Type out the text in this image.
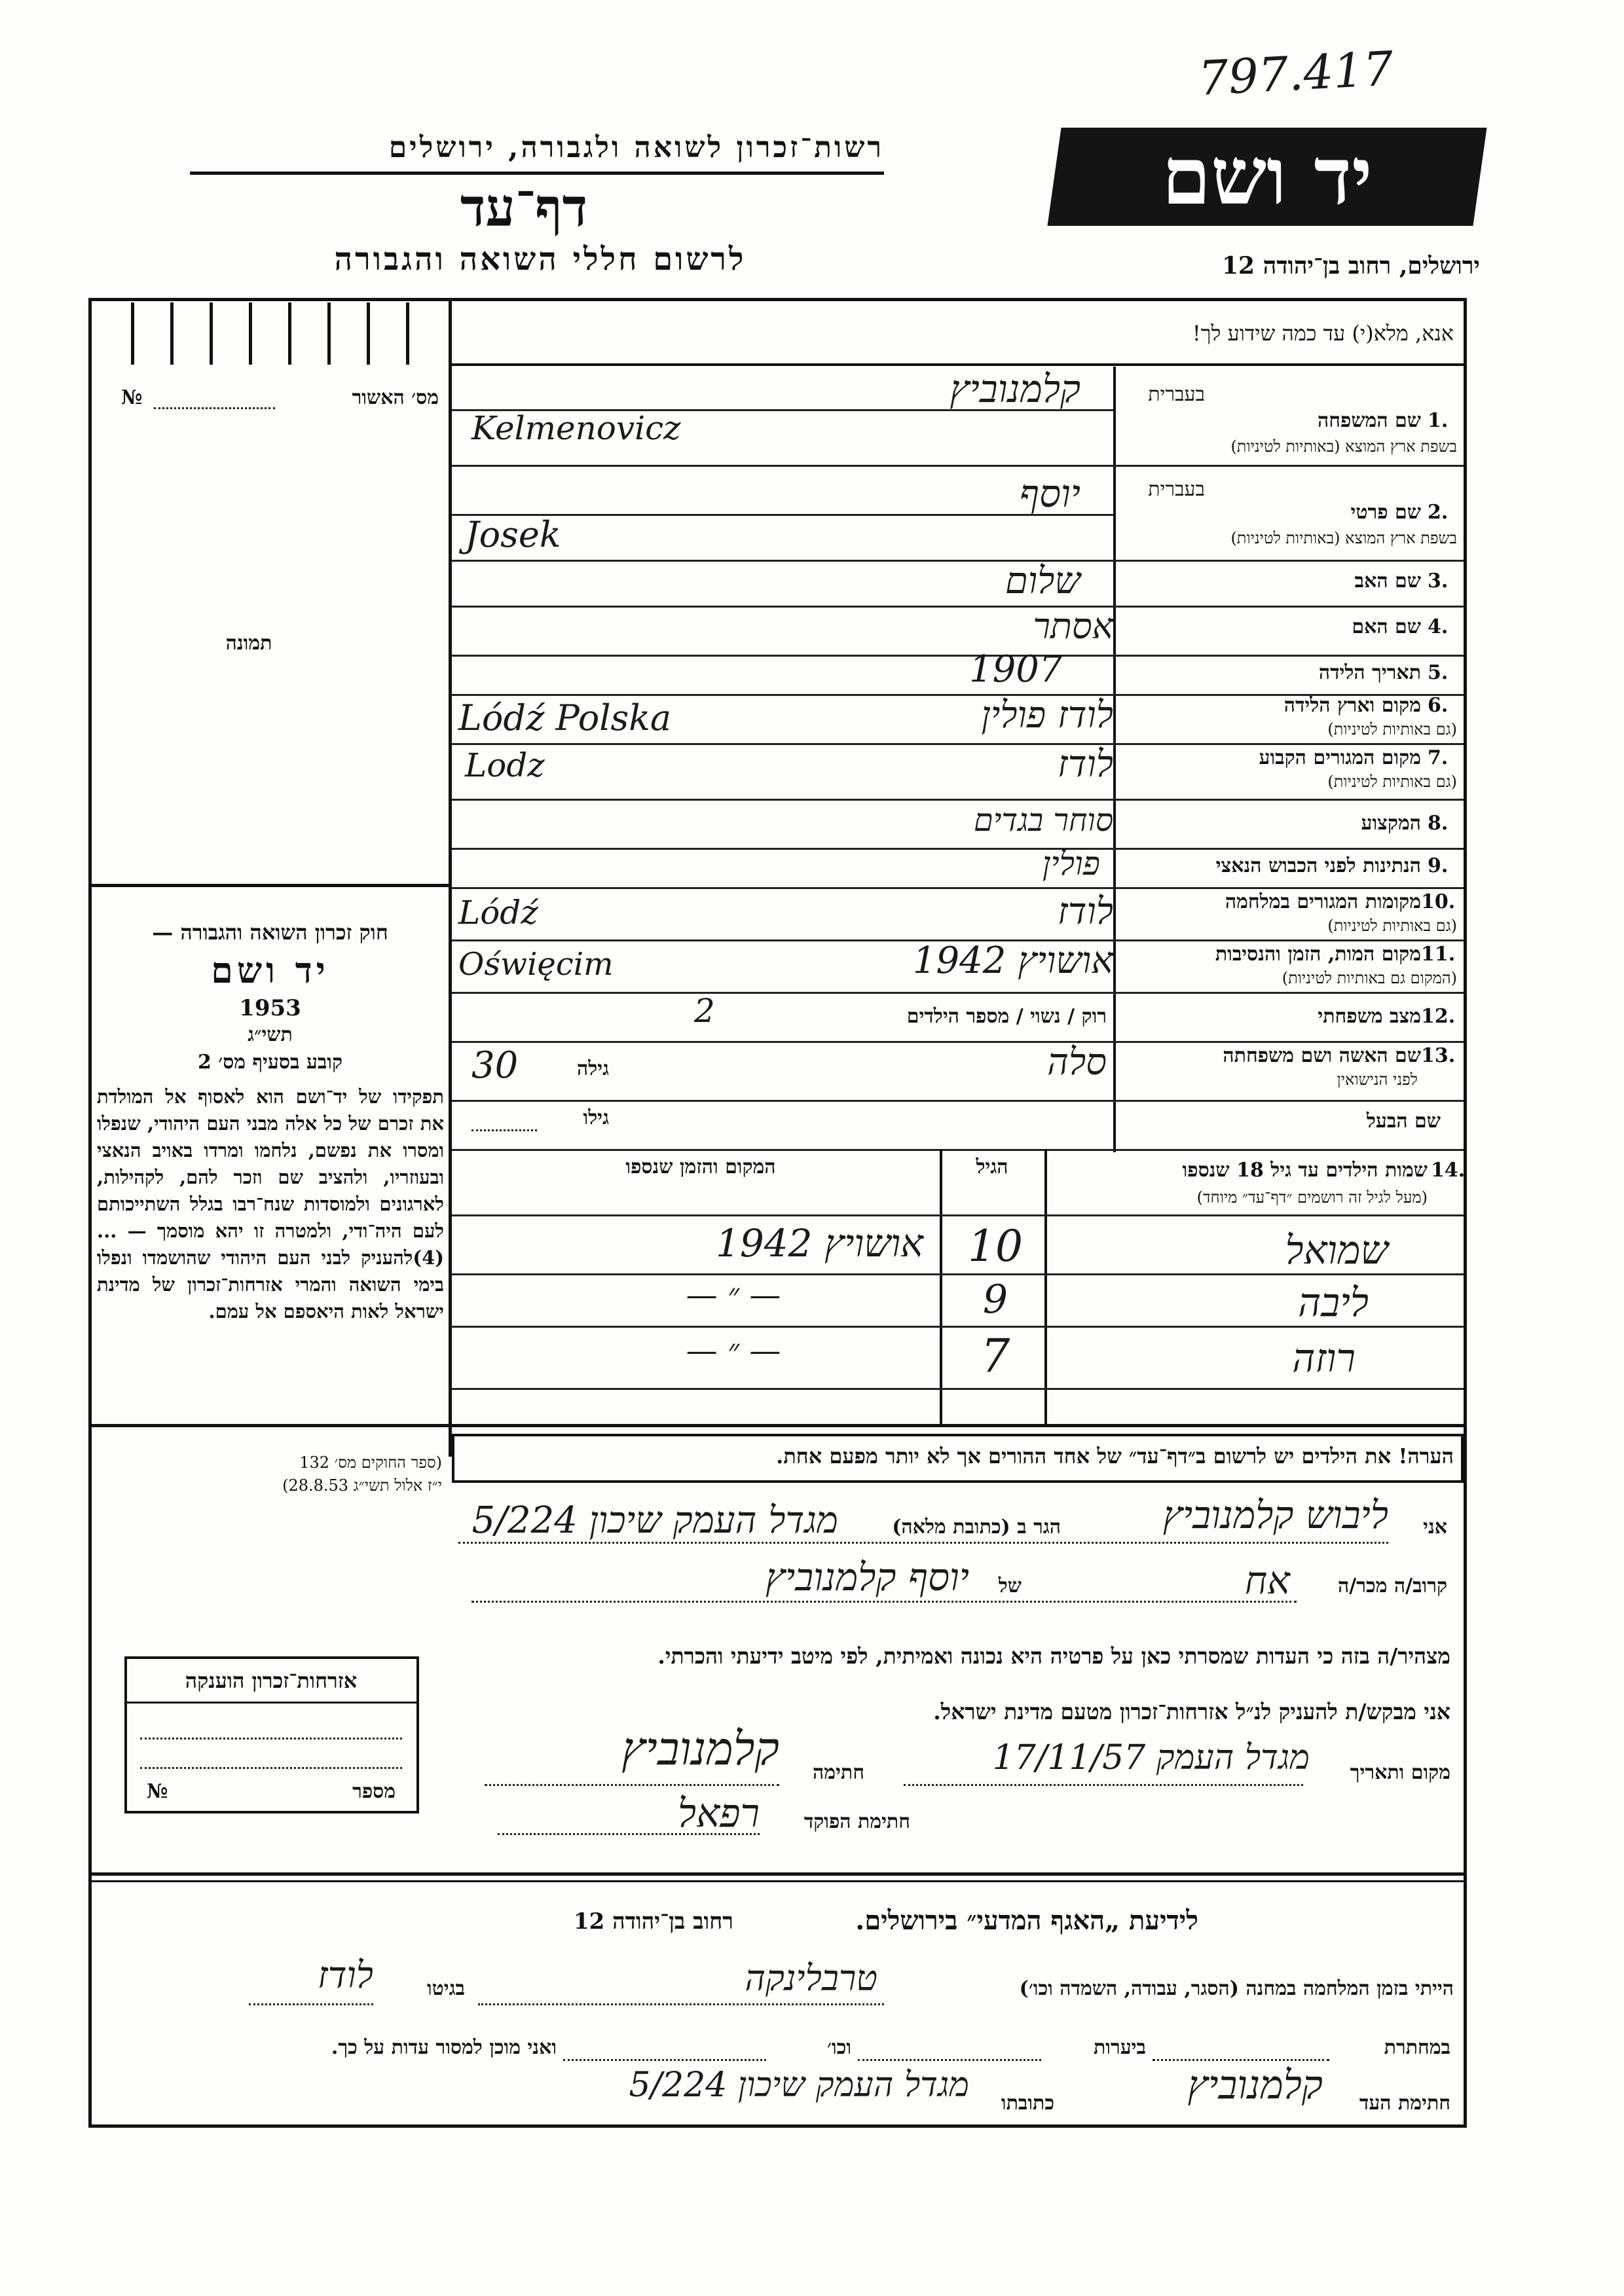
797.417
רשות־זכרון לשואה ולגבורה, ירושלים
דף־עד
לרשום חללי השואה והגבורה
יד ושם
ירושלים, רחוב בן־יהודה 12
מס׳ האשור
№
תמונה
חוק זכרון השואה והגבורה —
יד ושם
1953
תשי״ג
קובע בסעיף מס׳ 2
תפקידו של יד־ושם הוא לאסוף אל המולדת את זכרם של כל אלה מבני העם היהודי, שנפלו ומסרו את נפשם, נלחמו ומרדו באויב הנאצי ובעוזריו, ולהציב שם וזכר להם, לקהילות, לארגונים ולמוסדות שנח־רבו בגלל השתייכותם לעם היה־ודי, ולמטרה זו יהא מוסמך — ...(4)להעניק לבני העם היהודי שהושמדו ונפלו בימי השואה והמרי אזרחות־זכרון של מדינת ישראל לאות היאספם אל עמם.
(ספר החוקים מס׳ 132
י״ז אלול תשי״ג 28.8.53)
אנא, מלא(י) עד כמה שידוע לך!
בעברית
שם המשפחה 1.
בשפת ארץ המוצא (באותיות לטיניות)
קלמנוביץ
Kelmenovicz
בעברית
שם פרטי 2.
בשפת ארץ המוצא (באותיות לטיניות)
יוסף
Josek
שם האב 3.
שלום
שם האם 4.
אסתר
תאריך הלידה 5.
1907
מקום וארץ הלידה 6.
(גם באותיות לטיניות)
לודז פולין
Lódź Polska
מקום המגורים הקבוע 7.
(גם באותיות לטיניות)
לודז
Lodz
המקצוע 8.
סוחר בגדים
הנתינות לפני הכבוש הנאצי 9.
פולין
מקומות המגורים במלחמה 10.
(גם באותיות לטיניות)
לודז
Lódź
מקום המות, הזמן והנסיבות 11.
(המקום גם באותיות לטיניות)
אושויץ 1942
Oświęcim
מצב משפחתי 12.
רוק / נשוי / מספר הילדים
2
שם האשה ושם משפחתה 13.
לפני הנישואין
סלה
גילה
30
שם הבעל
גילו
שמות הילדים עד גיל 18 שנספו 14.
(מעל לגיל זה רושמים ״דף־עד״ מיוחד)
הגיל
המקום והזמן שנספו
שמואל
10
אושויץ 1942
ליבה
9
— ״ —
רוזה
7
— ״ —
הערה! את הילדים יש לרשום ב״דף־עד״ של אחד ההורים אך לא יותר מפעם אחת.
אני
ליבוש קלמנוביץ
הגר ב (כתובת מלאה)
מגדל העמק שיכון 5/224
קרוב/ה מכר/ה
אח
של
יוסף קלמנוביץ
מצהיר/ה בזה כי העדות שמסרתי כאן על פרטיה היא נכונה ואמיתית, לפי מיטב ידיעתי והכרתי.
אזרחות־זכרון הוענקה
מספר
№
אני מבקש/ת להעניק לנ״ל אזרחות־זכרון מטעם מדינת ישראל.
מקום ותאריך
מגדל העמק 17/11/57
חתימה
קלמנוביץ
חתימת הפוקד
רפאל
לידיעת „האגף המדעי״ בירושלים.
רחוב בן־יהודה 12
הייתי בזמן המלחמה במחנה (הסגר, עבודה, השמדה וכו׳)
טרבלינקה
בגיטו
לודז
במחתרת
ביערות
וכו׳
ואני מוכן למסור עדות על כך.
חתימת העד
קלמנוביץ
כתובתו
מגדל העמק שיכון 5/224
